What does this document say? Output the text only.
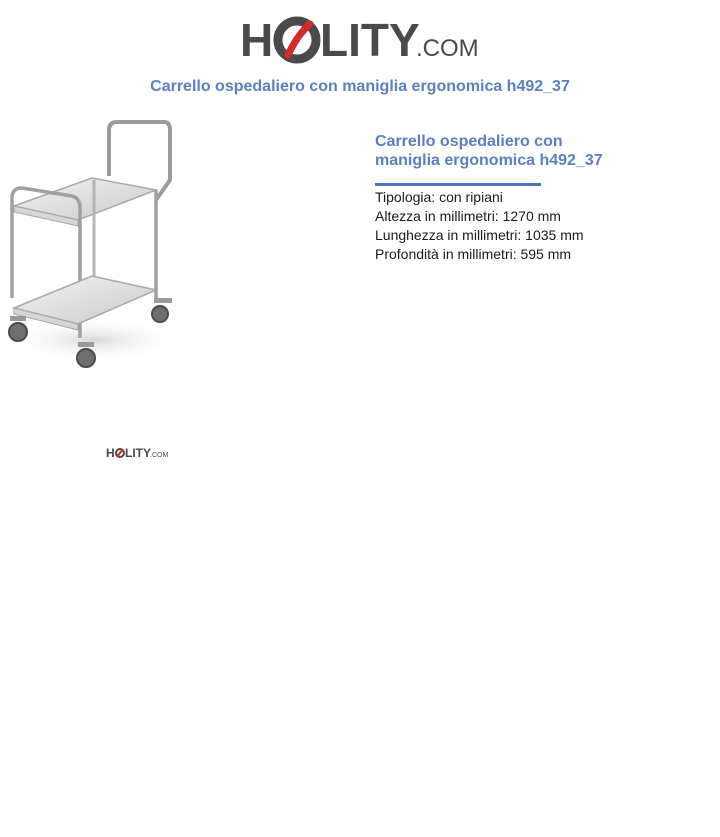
H LITY
.COM
Carrello ospedaliero con maniglia ergonomica h492_37
H LITY .COM
Carrello ospedaliero con maniglia ergonomica h492_37
Tipologia: con ripiani
Altezza in millimetri: 1270 mm
Lunghezza in millimetri: 1035 mm
Profondità in millimetri: 595 mm
